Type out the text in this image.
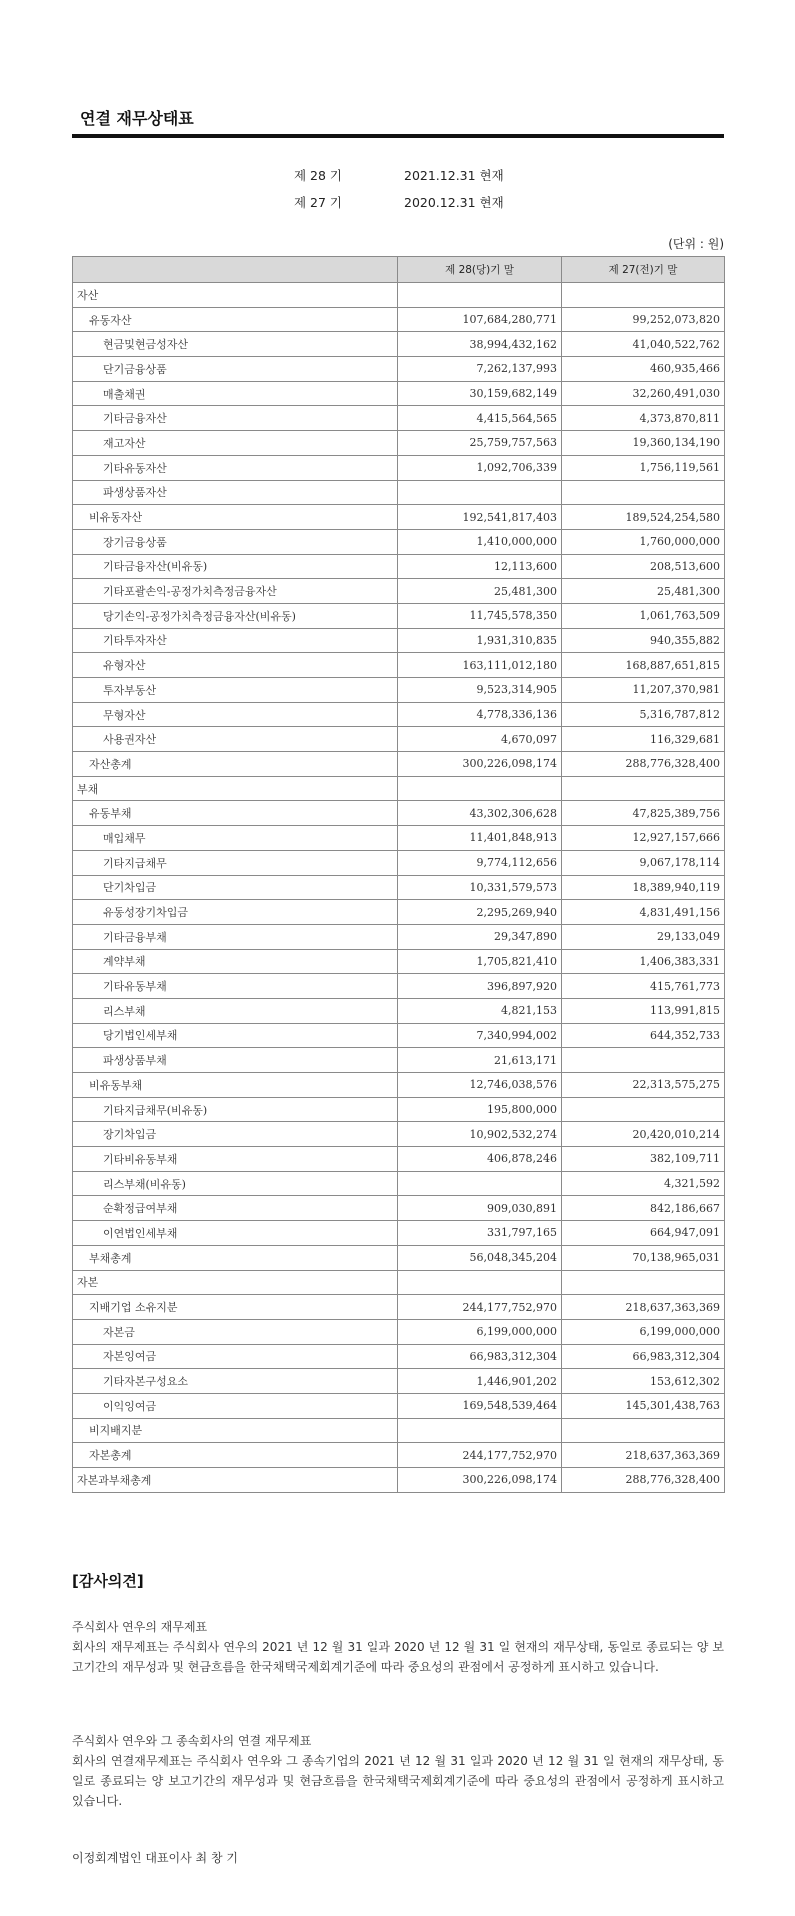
연결 재무상태표
제 28 기	2021.12.31 현재
제 27 기	2020.12.31 현재
(단위 : 원)
	제 28(당)기 말	제 27(전)기 말
자산		
유동자산	107,684,280,771	99,252,073,820
현금및현금성자산	38,994,432,162	41,040,522,762
단기금융상품	7,262,137,993	460,935,466
매출채권	30,159,682,149	32,260,491,030
기타금융자산	4,415,564,565	4,373,870,811
재고자산	25,759,757,563	19,360,134,190
기타유동자산	1,092,706,339	1,756,119,561
파생상품자산		
비유동자산	192,541,817,403	189,524,254,580
장기금융상품	1,410,000,000	1,760,000,000
기타금융자산(비유동)	12,113,600	208,513,600
기타포괄손익-공정가치측정금융자산	25,481,300	25,481,300
당기손익-공정가치측정금융자산(비유동)	11,745,578,350	1,061,763,509
기타투자자산	1,931,310,835	940,355,882
유형자산	163,111,012,180	168,887,651,815
투자부동산	9,523,314,905	11,207,370,981
무형자산	4,778,336,136	5,316,787,812
사용권자산	4,670,097	116,329,681
자산총계	300,226,098,174	288,776,328,400
부채		
유동부채	43,302,306,628	47,825,389,756
매입채무	11,401,848,913	12,927,157,666
기타지급채무	9,774,112,656	9,067,178,114
단기차입금	10,331,579,573	18,389,940,119
유동성장기차입금	2,295,269,940	4,831,491,156
기타금융부채	29,347,890	29,133,049
계약부채	1,705,821,410	1,406,383,331
기타유동부채	396,897,920	415,761,773
리스부채	4,821,153	113,991,815
당기법인세부채	7,340,994,002	644,352,733
파생상품부채	21,613,171	
비유동부채	12,746,038,576	22,313,575,275
기타지급채무(비유동)	195,800,000	
장기차입금	10,902,532,274	20,420,010,214
기타비유동부채	406,878,246	382,109,711
리스부채(비유동)		4,321,592
순확정급여부채	909,030,891	842,186,667
이연법인세부채	331,797,165	664,947,091
부채총계	56,048,345,204	70,138,965,031
자본		
지배기업 소유지분	244,177,752,970	218,637,363,369
자본금	6,199,000,000	6,199,000,000
자본잉여금	66,983,312,304	66,983,312,304
기타자본구성요소	1,446,901,202	153,612,302
이익잉여금	169,548,539,464	145,301,438,763
비지배지분		
자본총계	244,177,752,970	218,637,363,369
자본과부채총계	300,226,098,174	288,776,328,400
[감사의견]
주식회사 연우의 재무제표
회사의 재무제표는 주식회사 연우의 2021 년 12 월 31 일과 2020 년 12 월 31 일 현재의 재무상태, 동일로 종료되는 양 보고기간의 재무성과 및 현금흐름을 한국채택국제회계기준에 따라 중요성의 관점에서 공정하게 표시하고 있습니다.
주식회사 연우와 그 종속회사의 연결 재무제표
회사의 연결재무제표는 주식회사 연우와 그 종속기업의 2021 년 12 월 31 일과 2020 년 12 월 31 일 현재의 재무상태, 동일로 종료되는 양 보고기간의 재무성과 및 현금흐름을 한국채택국제회계기준에 따라 중요성의 관점에서 공정하게 표시하고 있습니다.
이정회계법인 대표이사 최 창 기
